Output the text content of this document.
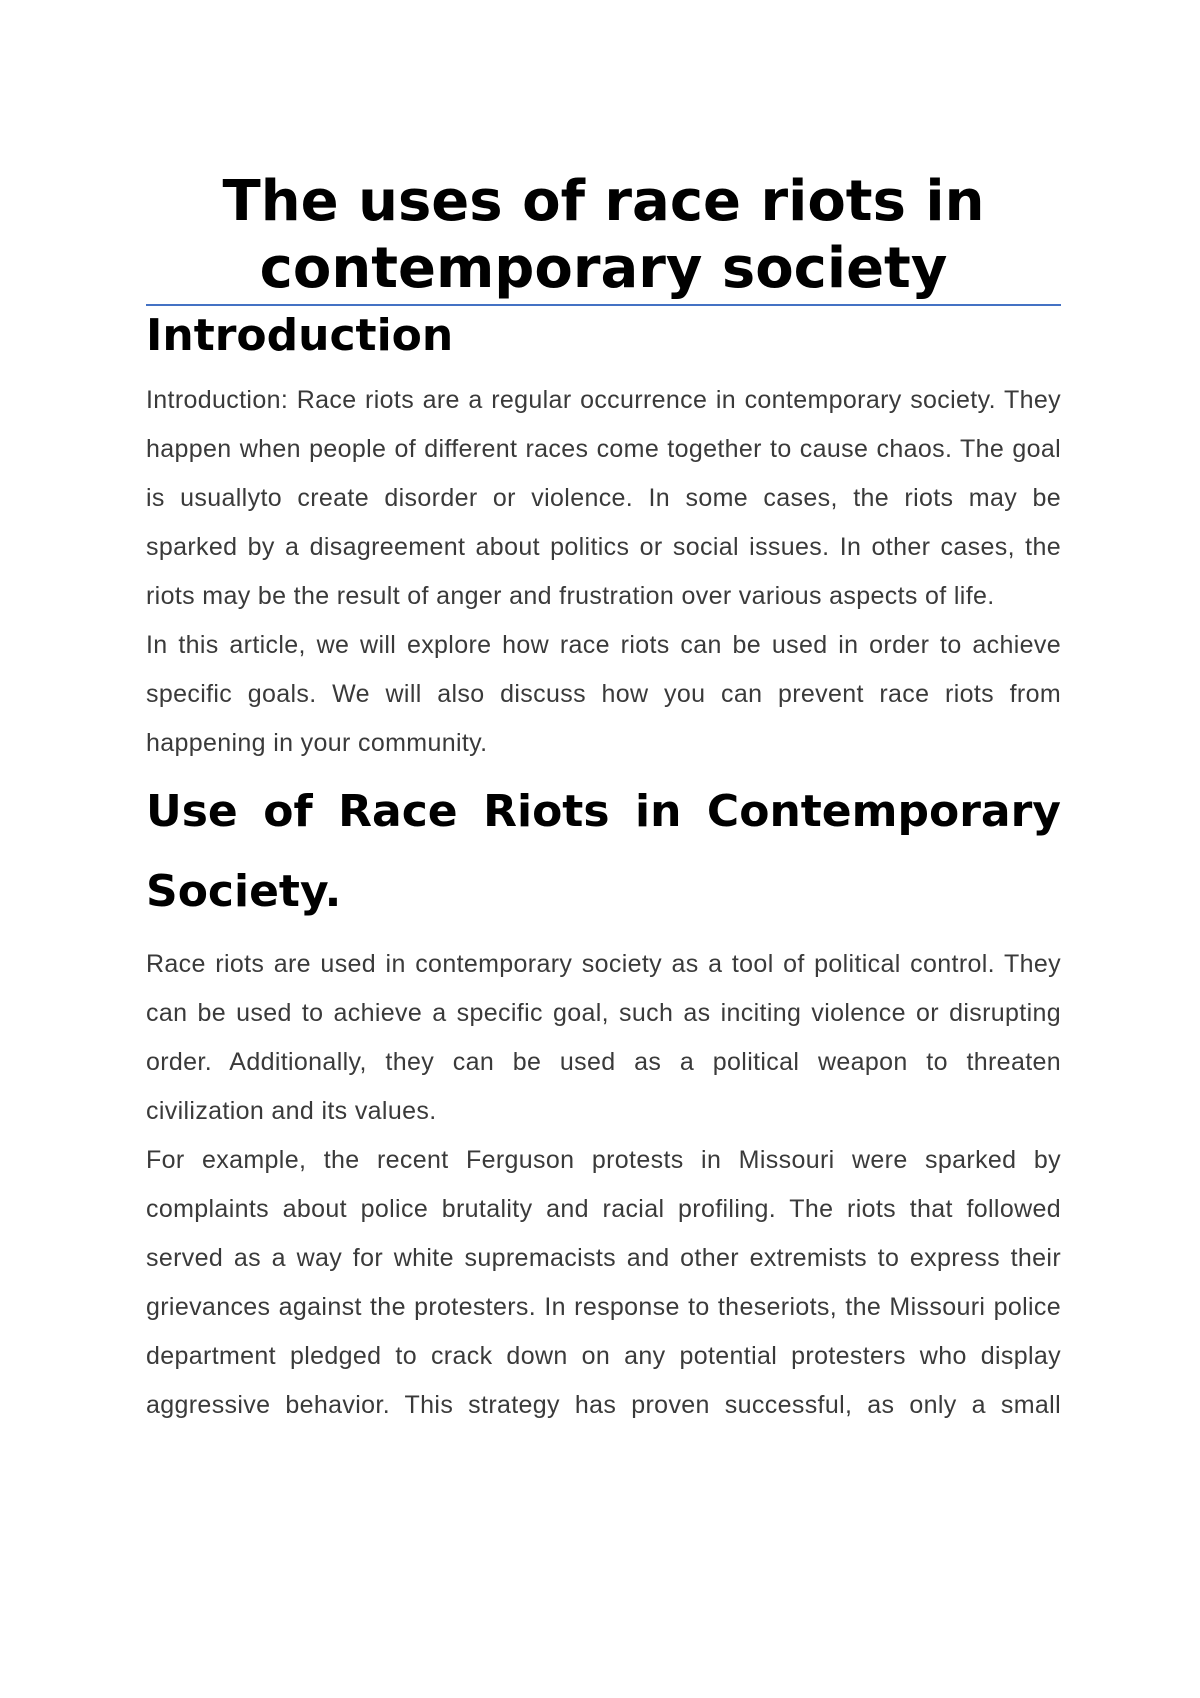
The uses of race riots in contemporary society
Introduction

Introduction: Race riots are a regular occurrence in contemporary society. They happen when people of different races come together to cause chaos. The goal is usuallyto create disorder or violence. In some cases, the riots may be sparked by a disagreement about politics or social issues. In other cases, the riots may be the result of anger and frustration over various aspects of life.

In this article, we will explore how race riots can be used in order to achieve specific goals. We will also discuss how you can prevent race riots from happening in your community.

Use of Race Riots in Contemporary Society.

Race riots are used in contemporary society as a tool of political control. They can be used to achieve a specific goal, such as inciting violence or disrupting order. Additionally, they can be used as a political weapon to threaten civilization and its values.

For example, the recent Ferguson protests in Missouri were sparked by complaints about police brutality and racial profiling. The riots that followed served as a way for white supremacists and other extremists to express their grievances against the protesters. In response to theseriots, the Missouri police department pledged to crack down on any potential protesters who display aggressive behavior. This strategy has proven successful, as only a small
